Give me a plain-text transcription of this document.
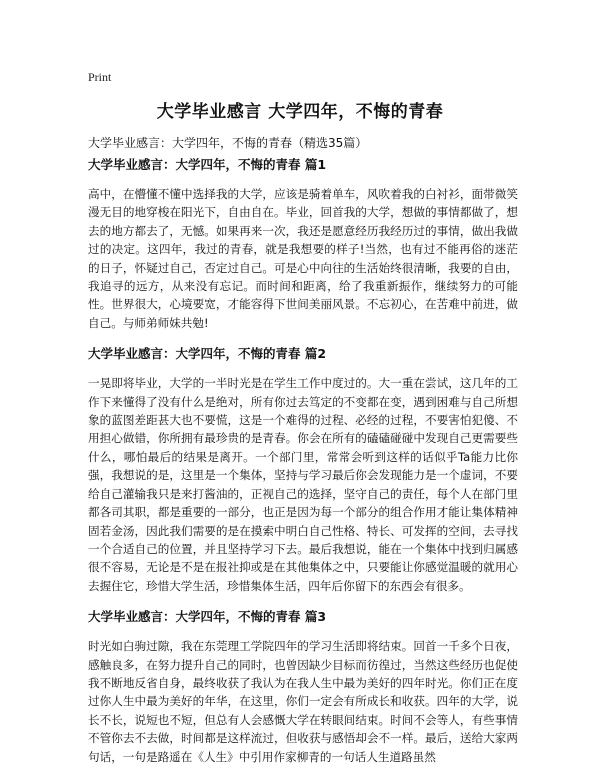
Print
大学毕业感言 大学四年，不悔的青春
大学毕业感言：大学四年，不悔的青春（精选35篇）
大学毕业感言：大学四年，不悔的青春 篇1

高中，在懵懂不懂中选择我的大学，应该是骑着单车，风吹着我的白衬衫，面带微笑漫无目的地穿梭在阳光下，自由自在。毕业，回首我的大学，想做的事情都做了，想去的地方都去了，无憾。如果再来一次，我还是愿意经历我经历过的事情，做出我做过的决定。这四年，我过的青春，就是我想要的样子!当然，也有过不能再俗的迷茫的日子，怀疑过自己，否定过自己。可是心中向往的生活始终很清晰，我要的自由，我追寻的远方，从来没有忘记。而时间和距离，给了我重新振作，继续努力的可能性。世界很大，心境要宽，才能容得下世间美丽风景。不忘初心，在苦难中前进，做自己。与师弟师妹共勉!

大学毕业感言：大学四年，不悔的青春 篇2

一晃即将毕业，大学的一半时光是在学生工作中度过的。大一重在尝试，这几年的工作下来懂得了没有什么是绝对，所有你过去笃定的不变都在变，遇到困难与自己所想象的蓝图差距甚大也不要慌，这是一个难得的过程、必经的过程，不要害怕犯傻、不用担心做错，你所拥有最珍贵的是青春。你会在所有的磕磕碰碰中发现自己更需要些什么，哪怕最后的结果是离开。一个部门里，常常会听到这样的话似乎Ta能力比你强，我想说的是，这里是一个集体，坚持与学习最后你会发现能力是一个虚词，不要给自己灌输我只是来打酱油的，正视自己的选择，坚守自己的责任，每个人在部门里都各司其职，都是重要的一部分，也正是因为每一个部分的组合作用才能让集体精神固若金汤，因此我们需要的是在摸索中明白自己性格、特长、可发挥的空间，去寻找一个合适自己的位置，并且坚持学习下去。最后我想说，能在一个集体中找到归属感很不容易，无论是不是在报社抑或是在其他集体之中，只要能让你感觉温暖的就用心去握住它，珍惜大学生活，珍惜集体生活，四年后你留下的东西会有很多。

大学毕业感言：大学四年，不悔的青春 篇3

时光如白驹过隙，我在东莞理工学院四年的学习生活即将结束。回首一千多个日夜，感触良多，在努力提升自己的同时，也曾因缺少目标而彷徨过，当然这些经历也促使我不断地反省自身，最终收获了我认为在我人生中最为美好的四年时光。你们正在度过你人生中最为美好的年华，在这里，你们一定会有所成长和收获。四年的大学，说长不长，说短也不短，但总有人会感慨大学在转眼间结束。时间不会等人，有些事情不管你去不去做，时间都是这样流过，但收获与感悟却会不一样。最后，送给大家两句话，一句是路遥在《人生》中引用作家柳青的一句话人生道路虽然
